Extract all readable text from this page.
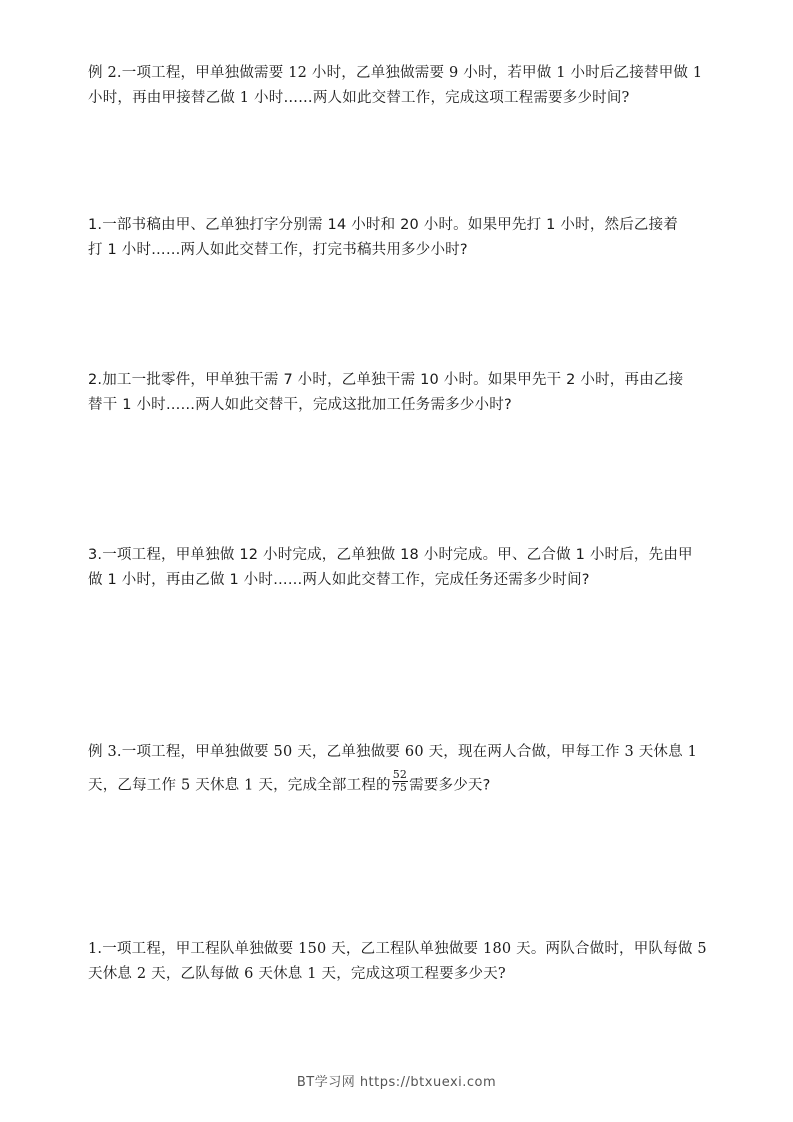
例 2.一项工程，甲单独做需要 12 小时，乙单独做需要 9 小时，若甲做 1 小时后乙接替甲做 1
小时，再由甲接替乙做 1 小时……两人如此交替工作，完成这项工程需要多少时间?
1.一部书稿由甲、乙单独打字分别需 14 小时和 20 小时。如果甲先打 1 小时，然后乙接着
打 1 小时……两人如此交替工作，打完书稿共用多少小时?
2.加工一批零件，甲单独干需 7 小时，乙单独干需 10 小时。如果甲先干 2 小时，再由乙接
替干 1 小时……两人如此交替干，完成这批加工任务需多少小时?
3.一项工程，甲单独做 12 小时完成，乙单独做 18 小时完成。甲、乙合做 1 小时后，先由甲
做 1 小时，再由乙做 1 小时……两人如此交替工作，完成任务还需多少时间?
例 3.一项工程，甲单独做要 50 天，乙单独做要 60 天，现在两人合做，甲每工作 3 天休息 1
天，乙每工作 5 天休息 1 天，完成全部工程的 $\frac{52}{75}$ 需要多少天?
1.一项工程，甲工程队单独做要 150 天，乙工程队单独做要 180 天。两队合做时，甲队每做 5
天休息 2 天，乙队每做 6 天休息 1 天，完成这项工程要多少天?
BT学习网 https://btxuexi.com
